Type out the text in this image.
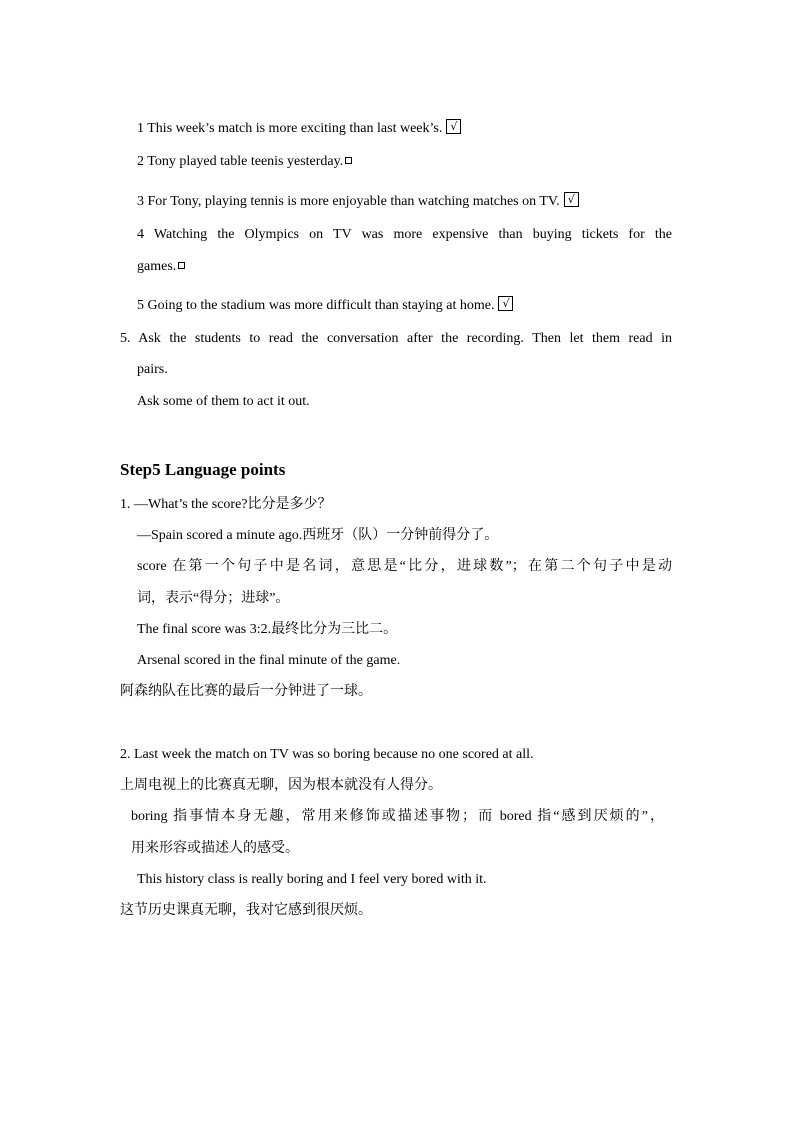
1 This week’s match is more exciting than last week’s. √
2 Tony played table teenis yesterday.
3 For Tony, playing tennis is more enjoyable than watching matches on TV. √
4 Watching the Olympics on TV was more expensive than buying tickets for the
games.
5 Going to the stadium was more difficult than staying at home. √
5. Ask the students to read the conversation after the recording. Then let them read in
pairs.
Ask some of them to act it out.
Step5 Language points
1. —What’s the score?比分是多少？
—Spain scored a minute ago.西班牙（队）一分钟前得分了。
score 在第一个句子中是名词，意思是“比分，进球数”；在第二个句子中是动
词，表示“得分；进球”。
The final score was 3:2.最终比分为三比二。
Arsenal scored in the final minute of the game.
阿森纳队在比赛的最后一分钟进了一球。
2. Last week the match on TV was so boring because no one scored at all.
上周电视上的比赛真无聊，因为根本就没有人得分。
boring 指事情本身无趣，常用来修饰或描述事物；而 bored 指“感到厌烦的”，
用来形容或描述人的感受。
This history class is really boring and I feel very bored with it.
这节历史课真无聊，我对它感到很厌烦。
